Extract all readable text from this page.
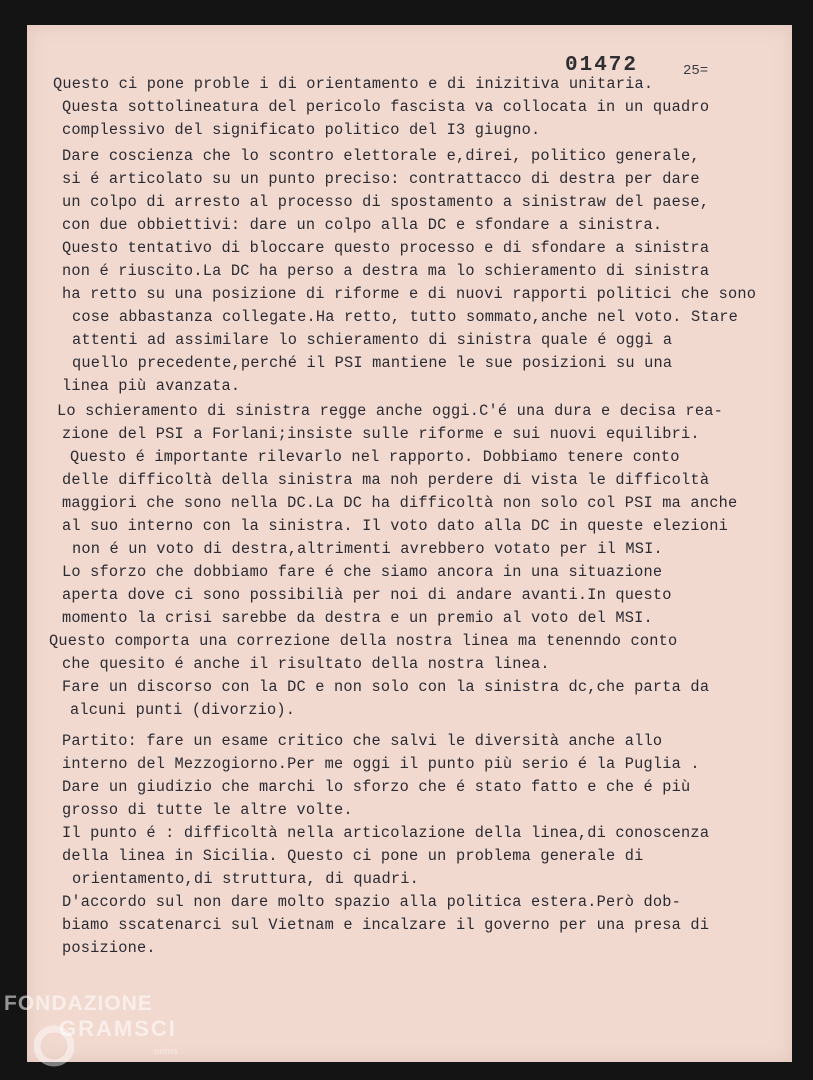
01472	25=
Questo ci pone proble i di orientamento e di inizitiva unitaria.
Questa sottolineatura del pericolo fascista va collocata in un quadro
complessivo del significato politico del I3 giugno.
Dare coscienza che lo scontro elettorale e,direi, politico generale,
si é articolato su un punto preciso: contrattacco di destra per dare
un colpo di arresto al processo di spostamento a sinistraw del paese,
con due obbiettivi: dare un colpo alla DC e sfondare a sinistra.
Questo tentativo di bloccare questo processo e di sfondare a sinistra
non é riuscito.La DC ha perso a destra ma lo schieramento di sinistra
ha retto su una posizione di riforme e di nuovi rapporti politici che sono
cose abbastanza collegate.Ha retto, tutto sommato,anche nel voto. Stare
attenti ad assimilare lo schieramento di sinistra quale é oggi a
quello precedente,perché il PSI mantiene le sue posizioni su una
linea più avanzata.
Lo schieramento di sinistra regge anche oggi.C'é una dura e decisa rea-
zione del PSI a Forlani;insiste sulle riforme e sui nuovi equilibri.
Questo é importante rilevarlo nel rapporto. Dobbiamo tenere conto
delle difficoltà della sinistra ma noh perdere di vista le difficoltà
maggiori che sono nella DC.La DC ha difficoltà non solo col PSI ma anche
al suo interno con la sinistra. Il voto dato alla DC in queste elezioni
non é un voto di destra,altrimenti avrebbero votato per il MSI.
Lo sforzo che dobbiamo fare é che siamo ancora in una situazione
aperta dove ci sono possibilià per noi di andare avanti.In questo
momento la crisi sarebbe da destra e un premio al voto del MSI.
Questo comporta una correzione della nostra linea ma tenenndo conto
che quesito é anche il risultato della nostra linea.
Fare un discorso con la DC e non solo con la sinistra dc,che parta da
alcuni punti (divorzio).
Partito: fare un esame critico che salvi le diversità anche allo
interno del Mezzogiorno.Per me oggi il punto più serio é la Puglia .
Dare un giudizio che marchi lo sforzo che é stato fatto e che é più
grosso di tutte le altre volte.
Il punto é : difficoltà nella articolazione della linea,di conoscenza
della linea in Sicilia. Questo ci pone un problema generale di
orientamento,di struttura, di quadri.
D'accordo sul non dare molto spazio alla politica estera.Però dob-
biamo sscatenarci sul Vietnam e incalzare il governo per una presa di
posizione.
FONDAZIONE
GRAMSCI
onlus
